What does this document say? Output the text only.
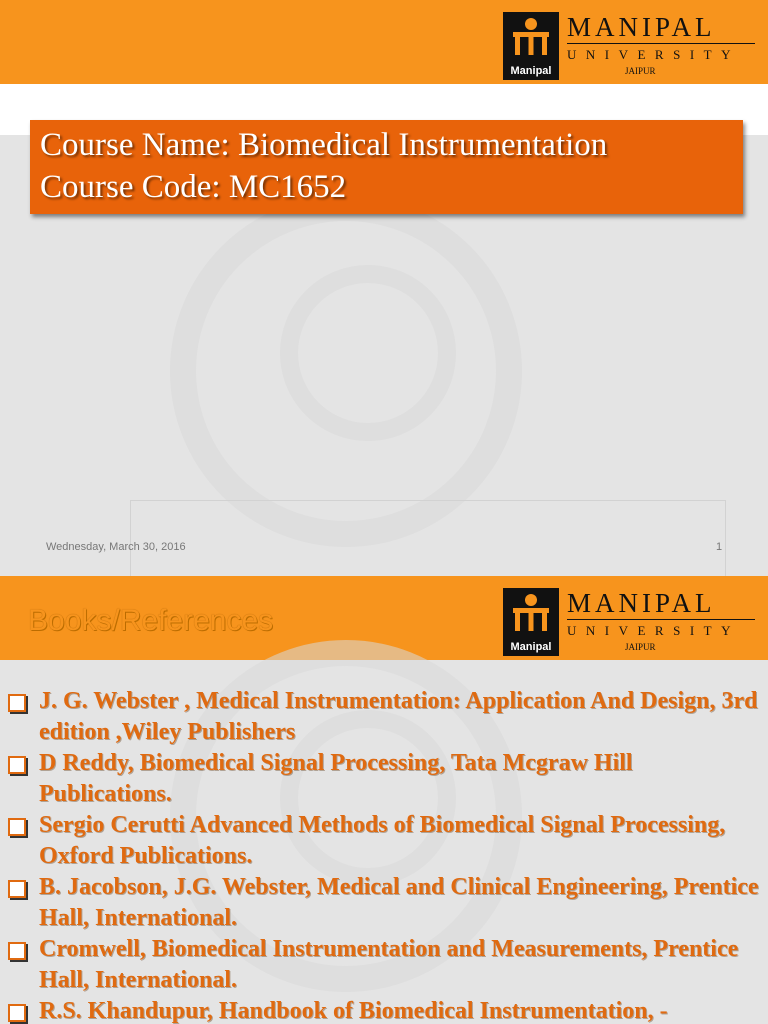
Manipal
MANIPAL
UNIVERSITY
JAIPUR
Course Name: Biomedical Instrumentation
Course Code: MC1652
Wednesday, March 30, 2016	1
Books/References
Manipal
MANIPAL
UNIVERSITY
JAIPUR
J. G. Webster , Medical Instrumentation: Application And Design, 3rd edition ,Wiley Publishers
D Reddy, Biomedical Signal Processing, Tata Mcgraw Hill Publications.
Sergio Cerutti Advanced Methods of Biomedical Signal Processing, Oxford Publications.
B. Jacobson, J.G. Webster, Medical and Clinical Engineering, Prentice Hall, International.
Cromwell, Biomedical Instrumentation and Measurements, Prentice Hall, International.
R.S. Khandupur, Handbook of Biomedical Instrumentation, -
